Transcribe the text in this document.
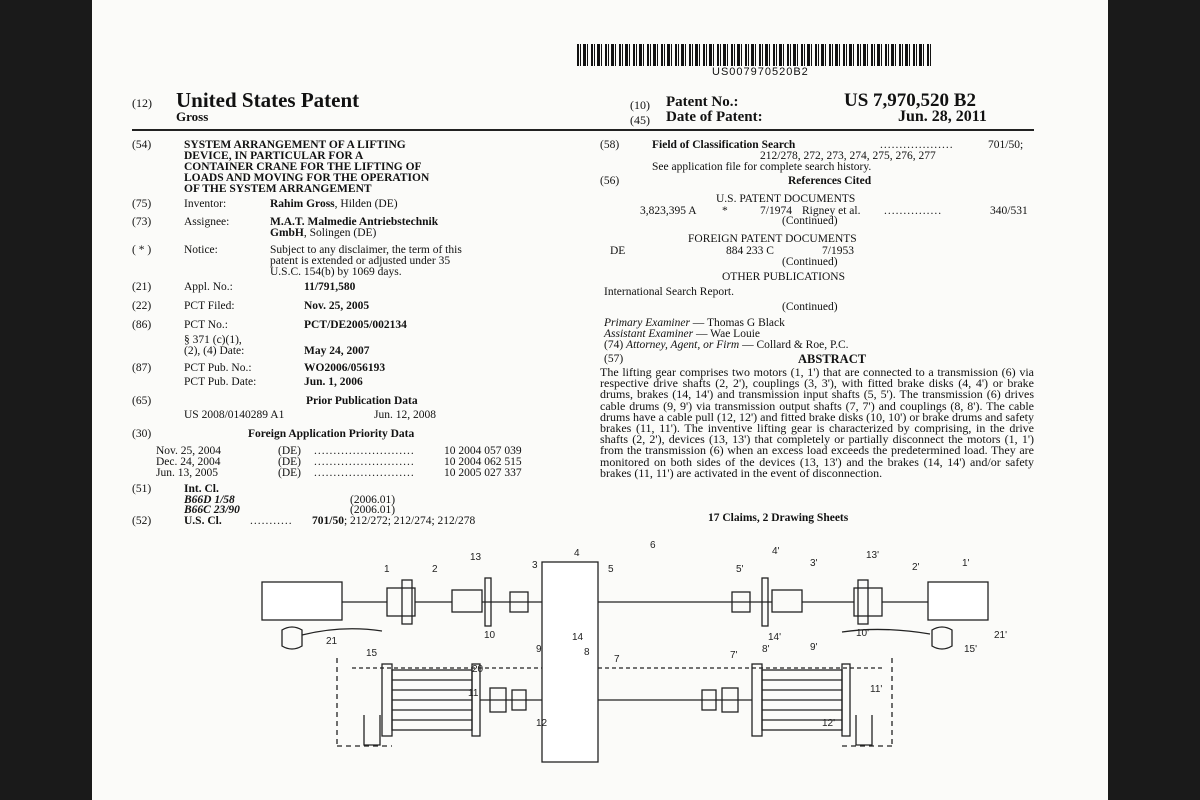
US007970520B2
(12) United States Patent
Gross
(10) Patent No.:	US 7,970,520 B2
(45) Date of Patent:	Jun. 28, 2011
(54)	SYSTEM ARRANGEMENT OF A LIFTING
DEVICE, IN PARTICULAR FOR A
CONTAINER CRANE FOR THE LIFTING OF
LOADS AND MOVING FOR THE OPERATION
OF THE SYSTEM ARRANGEMENT
(75)	Inventor:	Rahim Gross, Hilden (DE)
(73)	Assignee:	M.A.T. Malmedie Antriebstechnik
GmbH, Solingen (DE)
( * )	Notice:	Subject to any disclaimer, the term of this
patent is extended or adjusted under 35
U.S.C. 154(b) by 1069 days.
(21)	Appl. No.:	11/791,580
(22)	PCT Filed:	Nov. 25, 2005
(86)	PCT No.:	PCT/DE2005/002134
§ 371 (c)(1),
(2), (4) Date:	May 24, 2007
(87)	PCT Pub. No.:	WO2006/056193
PCT Pub. Date:	Jun. 1, 2006
(65)	Prior Publication Data
US 2008/0140289 A1	Jun. 12, 2008
(30)	Foreign Application Priority Data
Nov. 25, 2004	(DE) ..........................	10 2004 057 039
Dec. 24, 2004	(DE) ..........................	10 2004 062 515
Jun. 13, 2005	(DE) ..........................	10 2005 027 337
(51)	Int. Cl.
B66D 1/58	(2006.01)
B66C 23/90	(2006.01)
(52)	U.S. Cl. ........... 701/50; 212/272; 212/274; 212/278
(58)	Field of Classification Search	...................	701/50;
212/278, 272, 273, 274, 275, 276, 277
See application file for complete search history.
(56)	References Cited
U.S. PATENT DOCUMENTS
3,823,395 A *	7/1974 Rigney et al. ...............	340/531
(Continued)
FOREIGN PATENT DOCUMENTS
DE	884 233 C	7/1953
(Continued)
OTHER PUBLICATIONS
International Search Report.
(Continued)
Primary Examiner — Thomas G Black
Assistant Examiner — Wae Louie
(74) Attorney, Agent, or Firm — Collard & Roe, P.C.
(57)	ABSTRACT
The lifting gear comprises two motors (1, 1') that are connected to a transmission (6) via respective drive shafts (2, 2'), couplings (3, 3'), with fitted brake disks (4, 4') or brake drums, brakes (14, 14') and transmission input shafts (5, 5'). The transmission (6) drives cable drums (9, 9') via transmission output shafts (7, 7') and couplings (8, 8'). The cable drums have a cable pull (12, 12') and fitted brake disks (10, 10') or brake drums and safety brakes (11, 11'). The inventive lifting gear is characterized by comprising, in the drive shafts (2, 2'), devices (13, 13') that completely or partially disconnect the motors (1, 1') from the transmission (6) when an excess load exceeds the predetermined load. They are monitored on both sides of the devices (13, 13') and the brakes (14, 14') and/or safety brakes (11, 11') are activated in the event of disconnection.
17 Claims, 2 Drawing Sheets
1	2
13
3
4
5
6
5'
4'
3'
13'
2'	1'
10	14
9	8
7
11
12
14'	10'
7'
8'	9'
11'
12'
21
15
20
15'
21'
